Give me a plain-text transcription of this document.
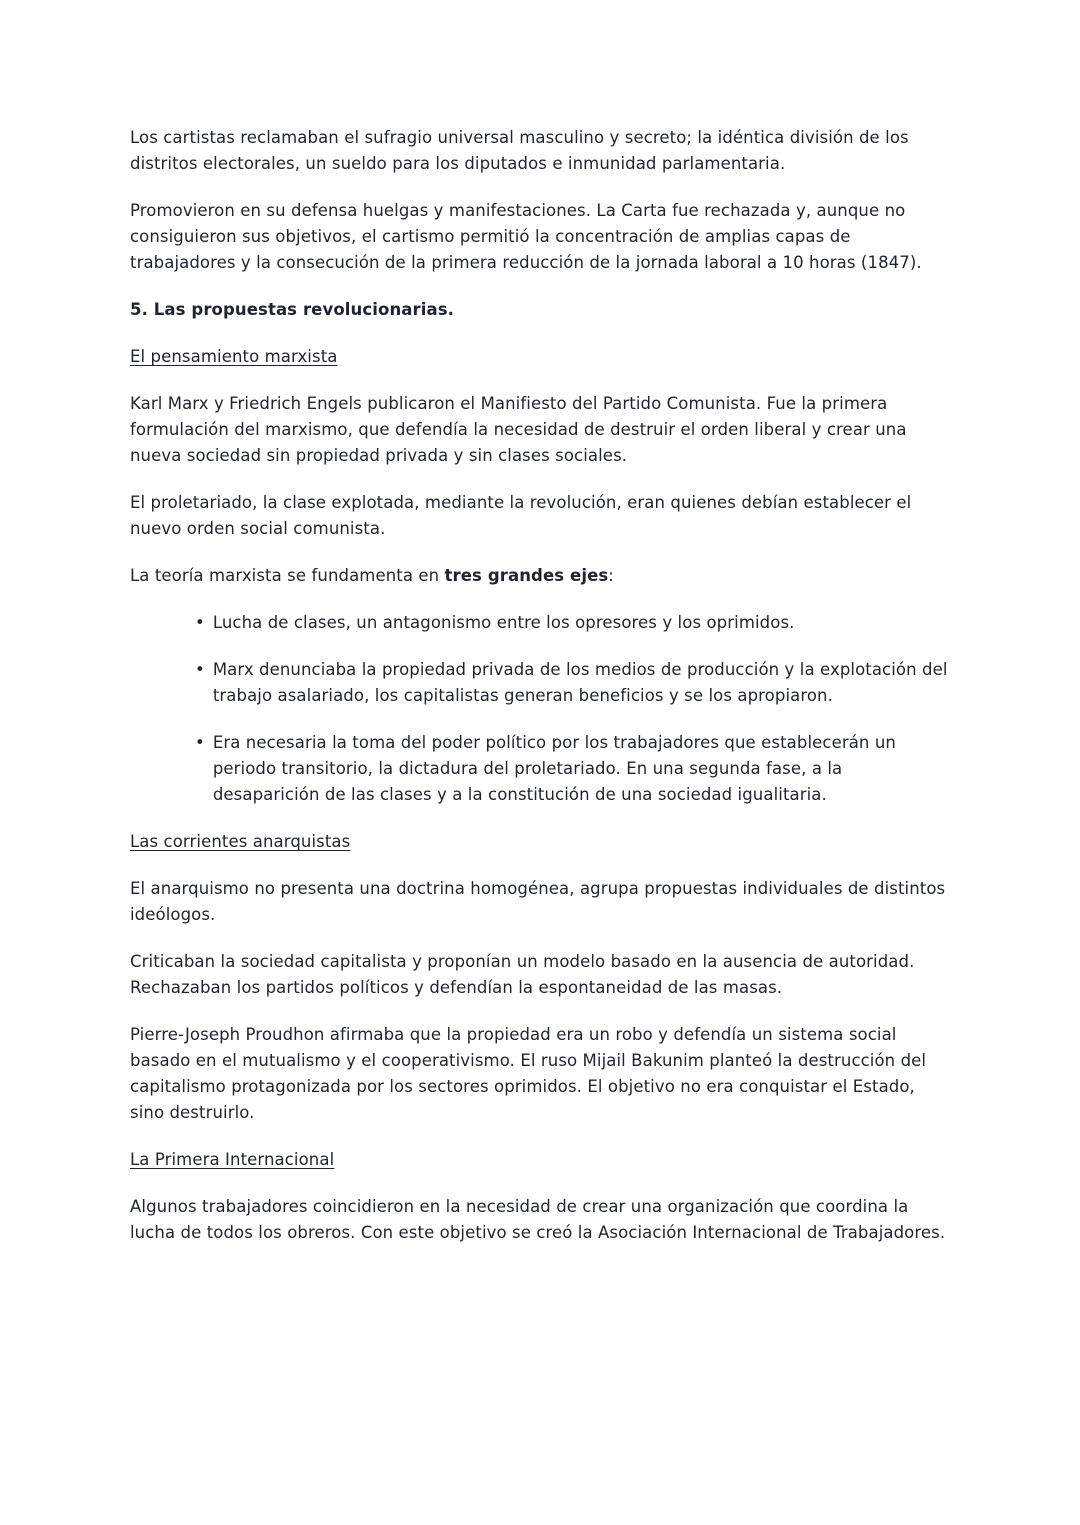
Los cartistas reclamaban el sufragio universal masculino y secreto; la idéntica división de los distritos electorales, un sueldo para los diputados e inmunidad parlamentaria.

Promovieron en su defensa huelgas y manifestaciones. La Carta fue rechazada y, aunque no consiguieron sus objetivos, el cartismo permitió la concentración de amplias capas de trabajadores y la consecución de la primera reducción de la jornada laboral a 10 horas (1847).

5. Las propuestas revolucionarias.
El pensamiento marxista

Karl Marx y Friedrich Engels publicaron el Manifiesto del Partido Comunista. Fue la primera formulación del marxismo, que defendía la necesidad de destruir el orden liberal y crear una nueva sociedad sin propiedad privada y sin clases sociales.

El proletariado, la clase explotada, mediante la revolución, eran quienes debían establecer el nuevo orden social comunista.

La teoría marxista se fundamenta en tres grandes ejes:

• Lucha de clases, un antagonismo entre los opresores y los oprimidos.
• Marx denunciaba la propiedad privada de los medios de producción y la explotación del trabajo asalariado, los capitalistas generan beneficios y se los apropiaron.
• Era necesaria la toma del poder político por los trabajadores que establecerán un periodo transitorio, la dictadura del proletariado. En una segunda fase, a la desaparición de las clases y a la constitución de una sociedad igualitaria.
Las corrientes anarquistas

El anarquismo no presenta una doctrina homogénea, agrupa propuestas individuales de distintos ideólogos.

Criticaban la sociedad capitalista y proponían un modelo basado en la ausencia de autoridad. Rechazaban los partidos políticos y defendían la espontaneidad de las masas.

Pierre-Joseph Proudhon afirmaba que la propiedad era un robo y defendía un sistema social basado en el mutualismo y el cooperativismo. El ruso Mijail Bakunim planteó la destrucción del capitalismo protagonizada por los sectores oprimidos. El objetivo no era conquistar el Estado, sino destruirlo.

La Primera Internacional

Algunos trabajadores coincidieron en la necesidad de crear una organización que coordina la lucha de todos los obreros. Con este objetivo se creó la Asociación Internacional de Trabajadores.
